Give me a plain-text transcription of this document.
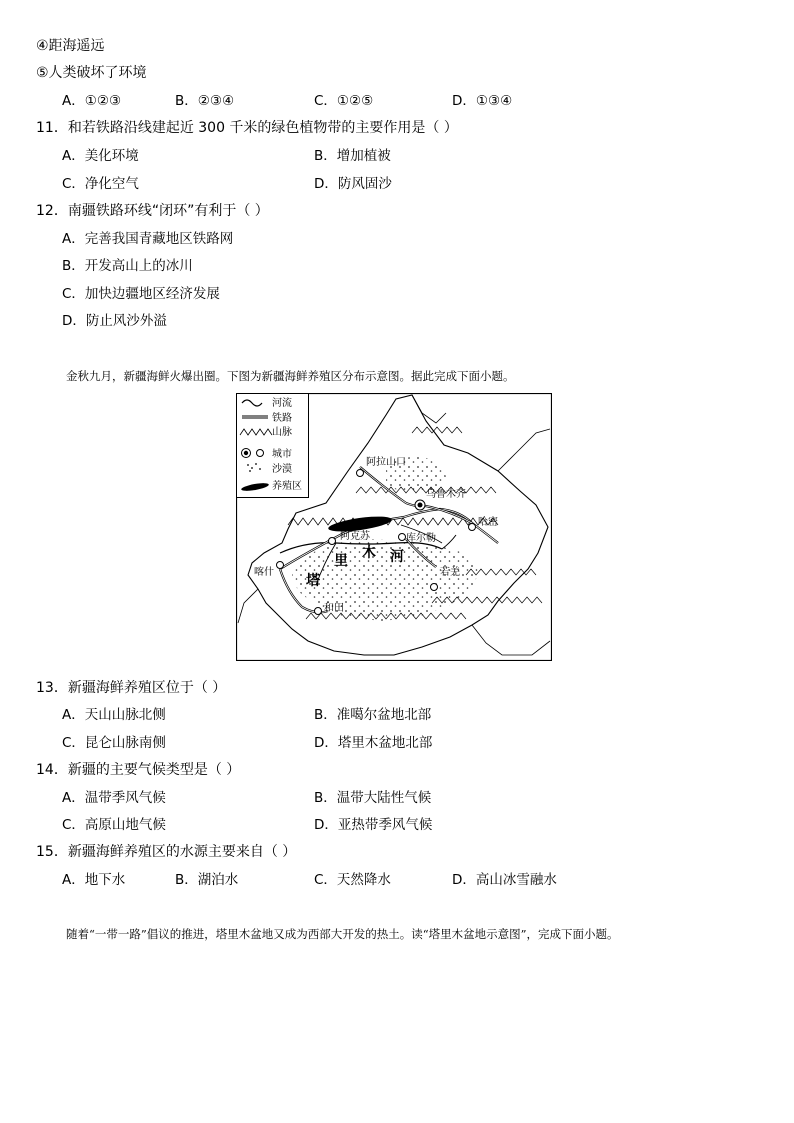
④距海遥远
⑤人类破坏了环境
A．①②③	B．②③④	C．①②⑤	D．①③④
11．和若铁路沿线建起近 300 千米的绿色植物带的主要作用是（ ）
A．美化环境	B．增加植被
C．净化空气	D．防风固沙
12．南疆铁路环线“闭环”有利于（ ）
A．完善我国青藏地区铁路网
B．开发高山上的冰川
C．加快边疆地区经济发展
D．防止风沙外溢
金秋九月，新疆海鲜火爆出圈。下图为新疆海鲜养殖区分布示意图。据此完成下面小题。
阿拉山口
乌鲁木齐
哈密
阿克苏	库尔勒
喀什	若羌
和田
塔
里 木 河
河流
铁路
山脉
城市
沙漠
养殖区
13．新疆海鲜养殖区位于（ ）
A．天山山脉北侧	B．准噶尔盆地北部
C．昆仑山脉南侧	D．塔里木盆地北部
14．新疆的主要气候类型是（ ）
A．温带季风气候	B．温带大陆性气候
C．高原山地气候	D．亚热带季风气候
15．新疆海鲜养殖区的水源主要来自（ ）
A．地下水	B．湖泊水	C．天然降水	D．高山冰雪融水
随着“一带一路”倡议的推进，塔里木盆地又成为西部大开发的热土。读“塔里木盆地示意图”，完成下面小题。
